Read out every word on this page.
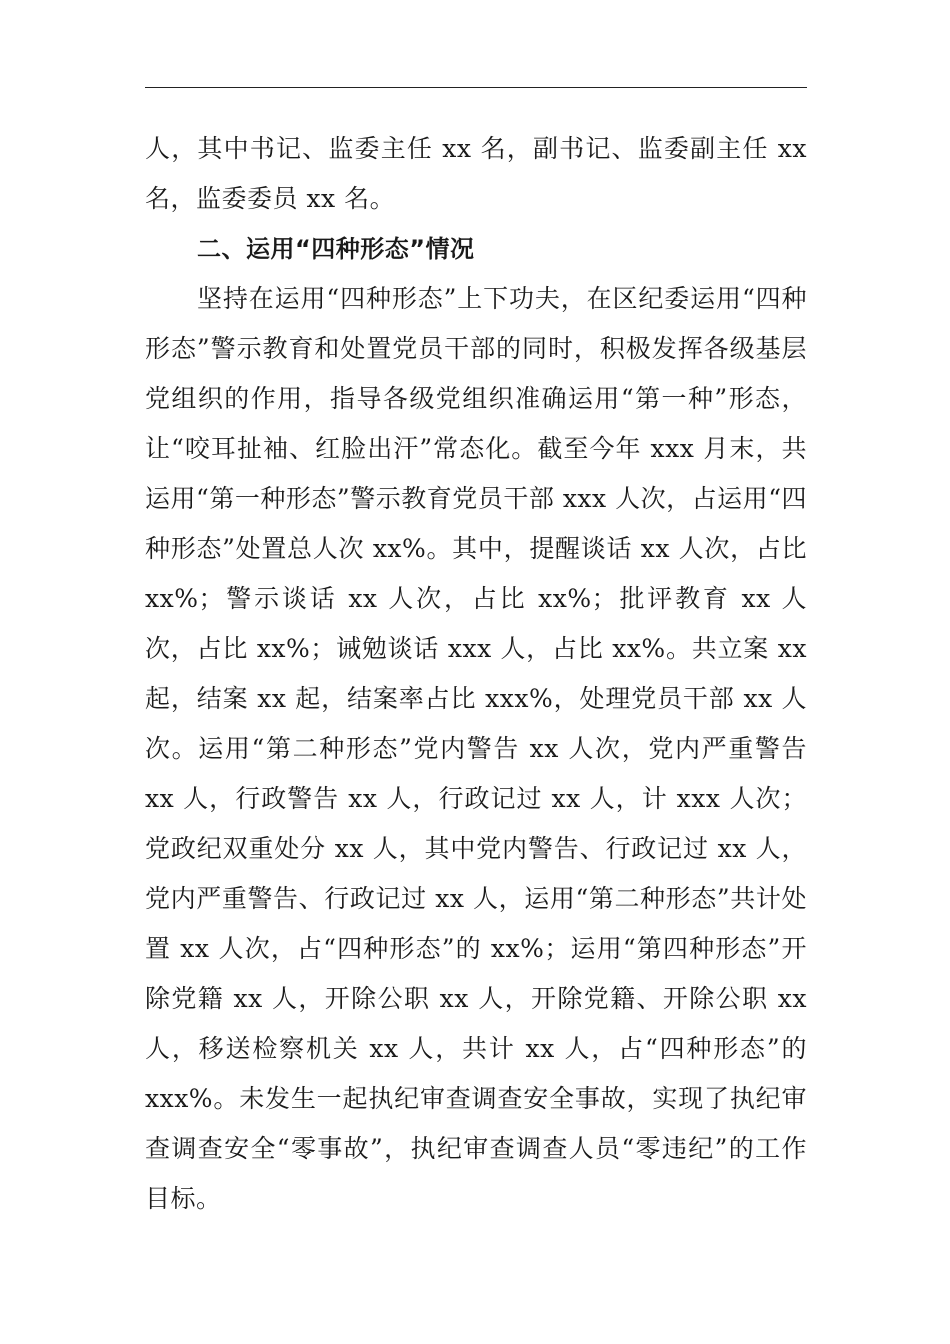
人，其中书记、监委主任 xx 名，副书记、监委副主任 xx 名，监委委员 xx 名。

二、运用“四种形态”情况

坚持在运用“四种形态”上下功夫，在区纪委运用“四种形态”警示教育和处置党员干部的同时，积极发挥各级基层党组织的作用，指导各级党组织准确运用“第一种”形态，让“咬耳扯袖、红脸出汗”常态化。截至今年 xxx 月末，共运用“第一种形态”警示教育党员干部 xxx 人次，占运用“四种形态”处置总人次 xx%。其中，提醒谈话 xx 人次，占比 xx%；警示谈话 xx 人次，占比 xx%；批评教育 xx 人次，占比 xx%；诫勉谈话 xxx 人，占比 xx%。共立案 xx 起，结案 xx 起，结案率占比 xxx%，处理党员干部 xx 人次。运用“第二种形态”党内警告 xx 人次，党内严重警告 xx 人，行政警告 xx 人，行政记过 xx 人，计 xxx 人次；党政纪双重处分 xx 人，其中党内警告、行政记过 xx 人，党内严重警告、行政记过 xx 人，运用“第二种形态”共计处置 xx 人次，占“四种形态”的 xx%；运用“第四种形态”开除党籍 xx 人，开除公职 xx 人，开除党籍、开除公职 xx 人，移送检察机关 xx 人，共计 xx 人，占“四种形态”的 xxx%。未发生一起执纪审查调查安全事故，实现了执纪审查调查安全“零事故”，执纪审查调查人员“零违纪”的工作目标。
